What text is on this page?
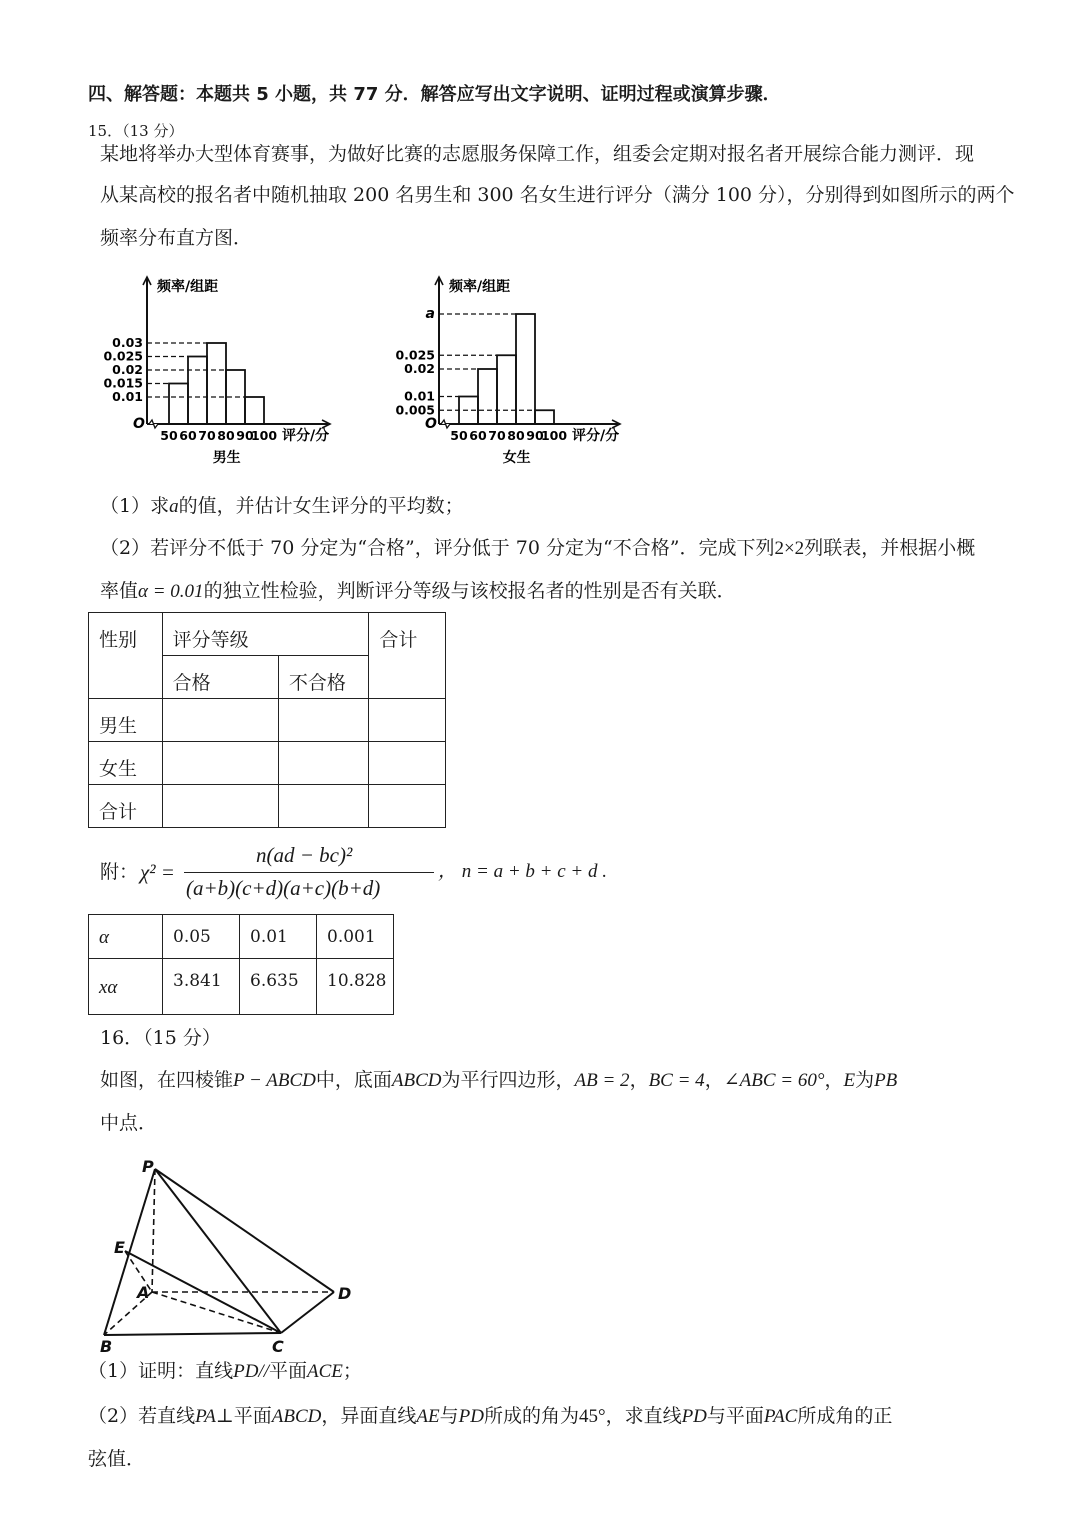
四、解答题：本题共 5 小题，共 77 分．解答应写出文字说明、证明过程或演算步骤．
15．（13 分）
某地将举办大型体育赛事，为做好比赛的志愿服务保障工作，组委会定期对报名者开展综合能力测评．现
从某高校的报名者中随机抽取 200 名男生和 300 名女生进行评分（满分 100 分），分别得到如图所示的两个
频率分布直方图．
频率/组距
O
评分/分
男生
50 60 70 80 90
100
0.03
0.025
0.02
0.015
0.01
频率/组距
O
评分/分
女生
50 60 70 80 90
100
a
0.025
0.02
0.01
0.005
（1）求a的值，并估计女生评分的平均数；
（2）若评分不低于 70 分定为“合格”，评分低于 70 分定为“不合格”．完成下列2×2列联表，并根据小概
率值α = 0.01的独立性检验，判断评分等级与该校报名者的性别是否有关联．
性别	评分等级		合计
	合格	不合格	
男生			
女生			
合计			
附： χ² =
n(ad − bc)²
(a+b)(c+d)(a+c)(b+d)
， n = a + b + c + d .
α	0.05	0.01	0.001
xα	3.841	6.635	10.828
16．（15 分）
如图，在四棱锥P − ABCD中，底面ABCD为平行四边形，AB = 2，BC = 4，∠ABC = 60°，E为PB
中点．
P
E
A
B	C
D
（1）证明：直线PD//平面ACE；
（2）若直线PA⊥平面ABCD，异面直线AE与PD所成的角为45°，求直线PD与平面PAC所成角的正
弦值．
